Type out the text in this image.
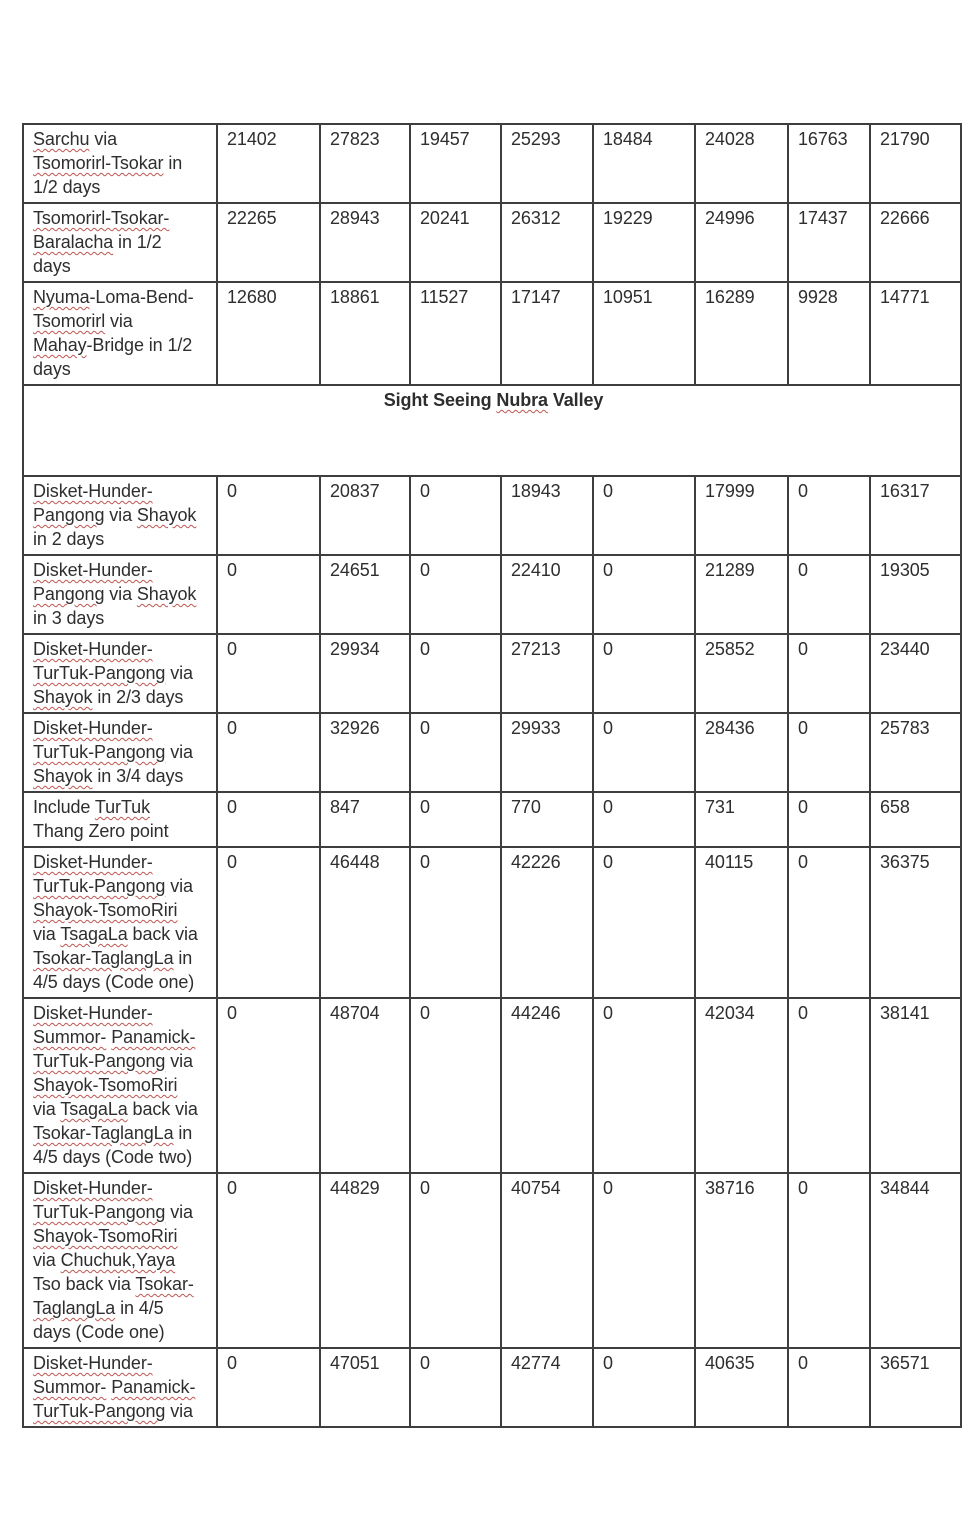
Sarchu via
Tsomorirl-Tsokar in
1/2 days	21402	27823	19457	25293	18484	24028	16763	21790

Tsomorirl-Tsokar-
Baralacha in 1/2
days	22265	28943	20241	26312	19229	24996	17437	22666

Nyuma-Loma-Bend-
Tsomorirl via
Mahay-Bridge in 1/2
days	12680	18861	11527	17147	10951	16289	9928	14771

Sight Seeing Nubra Valley								

Disket-Hunder-
Pangong via Shayok
in 2 days	0	20837	0	18943	0	17999	0	16317

Disket-Hunder-
Pangong via Shayok
in 3 days	0	24651	0	22410	0	21289	0	19305

Disket-Hunder-
TurTuk-Pangong via
Shayok in 2/3 days	0	29934	0	27213	0	25852	0	23440

Disket-Hunder-
TurTuk-Pangong via
Shayok in 3/4 days	0	32926	0	29933	0	28436	0	25783

Include TurTuk
Thang Zero point	0	847	0	770	0	731	0	658

Disket-Hunder-
TurTuk-Pangong via
Shayok-TsomoRiri
via TsagaLa back via
Tsokar-TaglangLa in
4/5 days (Code one)
	0	46448	0	42226	0	40115	0	36375

Disket-Hunder-
Summor- Panamick-
TurTuk-Pangong via
Shayok-TsomoRiri
via TsagaLa back via
Tsokar-TaglangLa in
4/5 days (Code two)
	0	48704	0	44246	0	42034	0	38141

Disket-Hunder-
TurTuk-Pangong via
Shayok-TsomoRiri
via Chuchuk,Yaya
Tso back via Tsokar-
TaglangLa in 4/5
days (Code one)
	0	44829	0	40754	0	38716	0	34844

Disket-Hunder-
Summor- Panamick-
TurTuk-Pangong via	0	47051	0	42774	0	40635	0	36571
